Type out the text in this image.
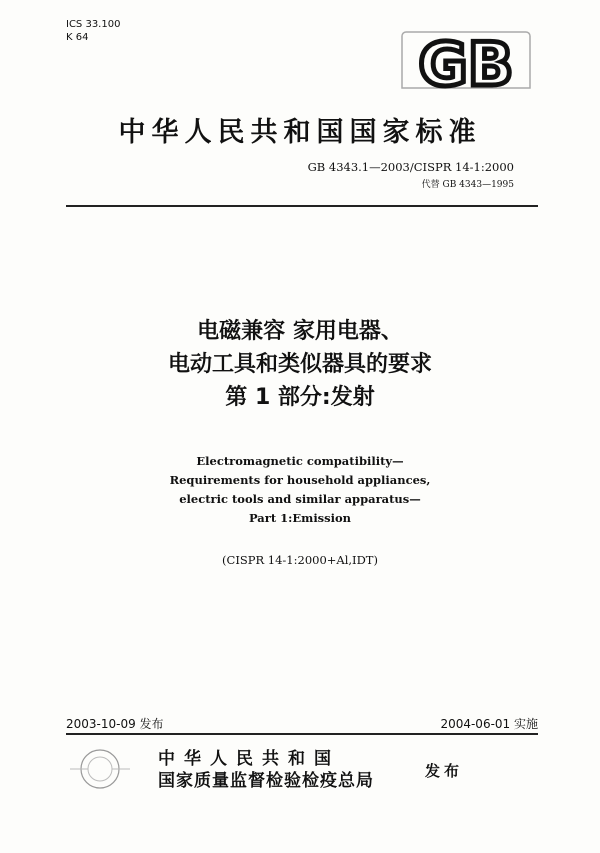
ICS 33.100
K 64	GB
中华人民共和国国家标准
GB 4343.1—2003/CISPR 14-1:2000
代替 GB 4343—1995
电磁兼容 家用电器、
电动工具和类似器具的要求
第 1 部分:发射
Electromagnetic compatibility—
Requirements for household appliances,
electric tools and similar apparatus—
Part 1:Emission
(CISPR 14-1:2000+Al,IDT)
2003-10-09 发布	2004-06-01 实施
中华人民共和国
国家质量监督检验检疫总局	发布
